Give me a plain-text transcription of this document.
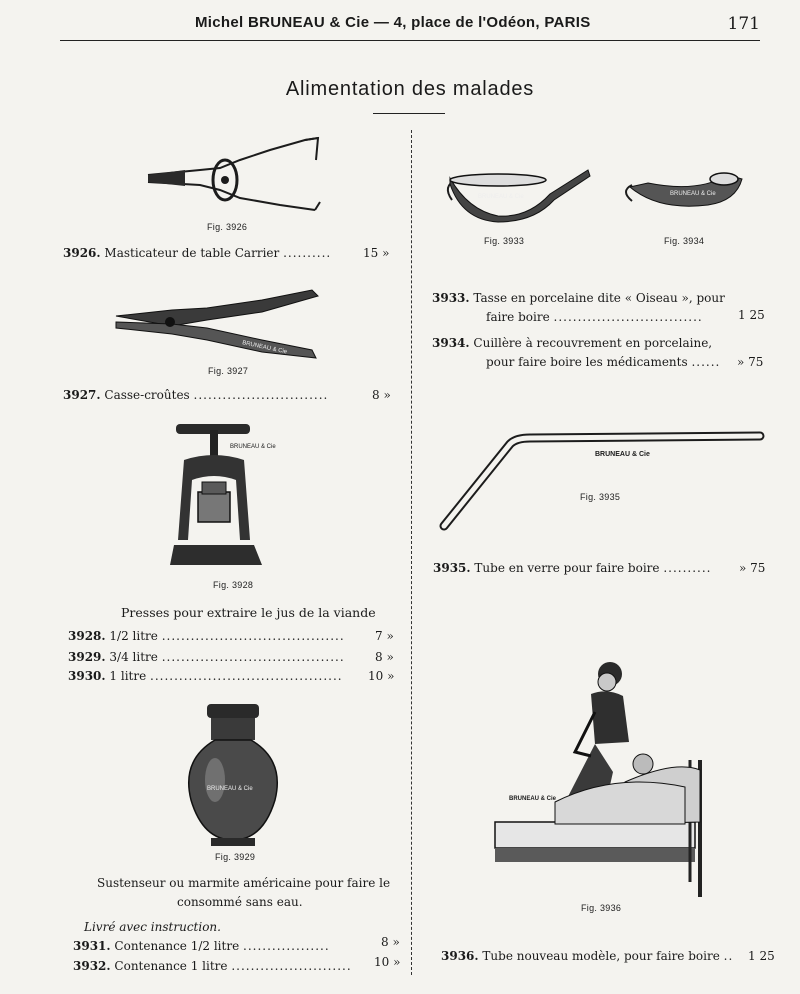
Michel BRUNEAU & Cie — 4, place de l'Odéon, PARIS	171
Alimentation des malades
Fig. 3926
3926. Masticateur de table Carrier ..........	15 »
BRUNEAU & Cie
Fig. 3927
3927. Casse-croûtes ............................	8 »
BRUNEAU & Cie
Fig. 3928
Presses pour extraire le jus de la viande
3928. 1/2 litre ......................................	7 »
3929. 3/4 litre ......................................	8 »
3930. 1 litre ........................................ 10 »
BRUNEAU & Cie
Fig. 3929
Sustenseur ou marmite américaine pour faire le
consommé sans eau.
Livré avec instruction.
3931. Contenance 1/2 litre ..................	8 »
3932. Contenance 1 litre ......................... 10 »
BRUNEAU & Cie
Fig. 3933
BRUNEAU & Cie
Fig. 3934
3933. Tasse en porcelaine dite « Oiseau », pour
faire boire ...............................	1 25
3934. Cuillère à recouvrement en porcelaine,
pour faire boire les médicaments ...... » 75
BRUNEAU & Cie
Fig. 3935
3935. Tube en verre pour faire boire .......... » 75
BRUNEAU & Cie
Fig. 3936
3936. Tube nouveau modèle, pour faire boire .. 1 25
